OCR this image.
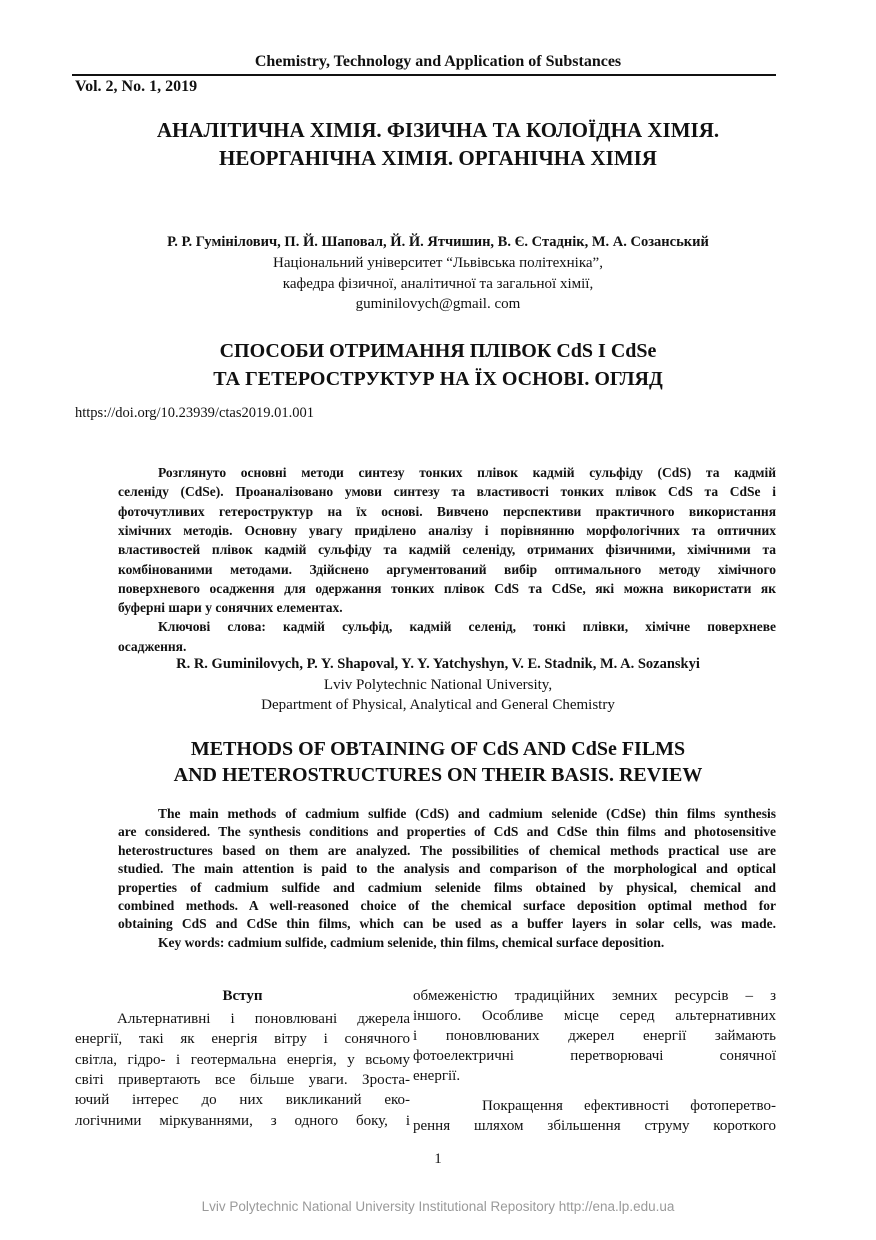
Chemistry, Technology and Application of Substances
Vol. 2, No. 1, 2019
АНАЛІТИЧНА ХІМІЯ. ФІЗИЧНА ТА КОЛОЇДНА ХІМІЯ.
НЕОРГАНІЧНА ХІМІЯ. ОРГАНІЧНА ХІМІЯ
Р. Р. Гумінілович, П. Й. Шаповал, Й. Й. Ятчишин, В. Є. Стаднік, М. А. Созанський
Національний університет “Львівська політехніка”,
кафедра фізичної, аналітичної та загальної хімії,
guminilovych@gmail. com
СПОСОБИ ОТРИМАННЯ ПЛІВОК CdS I CdSe
ТА ГЕТЕРОСТРУКТУР НА ЇХ ОСНОВІ. ОГЛЯД
https://doi.org/10.23939/ctas2019.01.001
R. R. Guminilovych, P. Y. Shapoval, Y. Y. Yatchyshyn, V. E. Stadnik, M. A. Sozanskyi
Lviv Polytechnic National University,
Department of Physical, Analytical and General Chemistry
METHODS OF OBTAINING OF CdS AND CdSe FILMS
AND HETEROSTRUCTURES ON THEIR BASIS. REVIEW
1
Lviv Polytechnic National University Institutional Repository http://ena.lp.edu.ua
Розглянуто основні методи синтезу тонких плівок кадмій сульфіду (CdS) та кадмій
селеніду (CdSe). Проаналізовано умови синтезу та властивості тонких плівок CdS та CdSe і
фоточутливих гетероструктур на їх основі. Вивчено перспективи практичного використання
хімічних методів. Основну увагу приділено аналізу і порівнянню морфологічних та оптичних
властивостей плівок кадмій сульфіду та кадмій селеніду, отриманих фізичними, хімічними та
комбінованими методами. Здійснено аргументований вибір оптимального методу хімічного
поверхневого осадження для одержання тонких плівок CdS та CdSe, які можна використати як
буферні шари у сонячних елементах.
Ключові слова: кадмій сульфід, кадмій селенід, тонкі плівки, хімічне поверхневе
осадження.
The main methods of cadmium sulfide (CdS) and cadmium selenide (CdSe) thin films synthesis
are considered. The synthesis conditions and properties of CdS and CdSe thin films and photosensitive
heterostructures based on them are analyzed. The possibilities of chemical methods practical use are
studied. The main attention is paid to the analysis and comparison of the morphological and optical
properties of cadmium sulfide and cadmium selenide films obtained by physical, chemical and
combined methods. A well-reasoned choice of the chemical surface deposition optimal method for
obtaining CdS and CdSe thin films, which can be used as a buffer layers in solar cells, was made.
Key words: cadmium sulfide, cadmium selenide, thin films, chemical surface deposition.
Вступ
Альтернативні і поновлювані джерела
енергії, такі як енергія вітру і сонячного
світла, гідро- і геотермальна енергія, у всьому
світі привертають все більше уваги. Зроста-
ючий інтерес до них викликаний еко-
логічними міркуваннями, з одного боку, і
обмеженістю традиційних земних ресурсів – з
іншого. Особливе місце серед альтернативних
і поновлюваних джерел енергії займають
фотоелектричні перетворювачі сонячної
енергії.
Покращення ефективності фотоперетво-
рення шляхом збільшення струму короткого
